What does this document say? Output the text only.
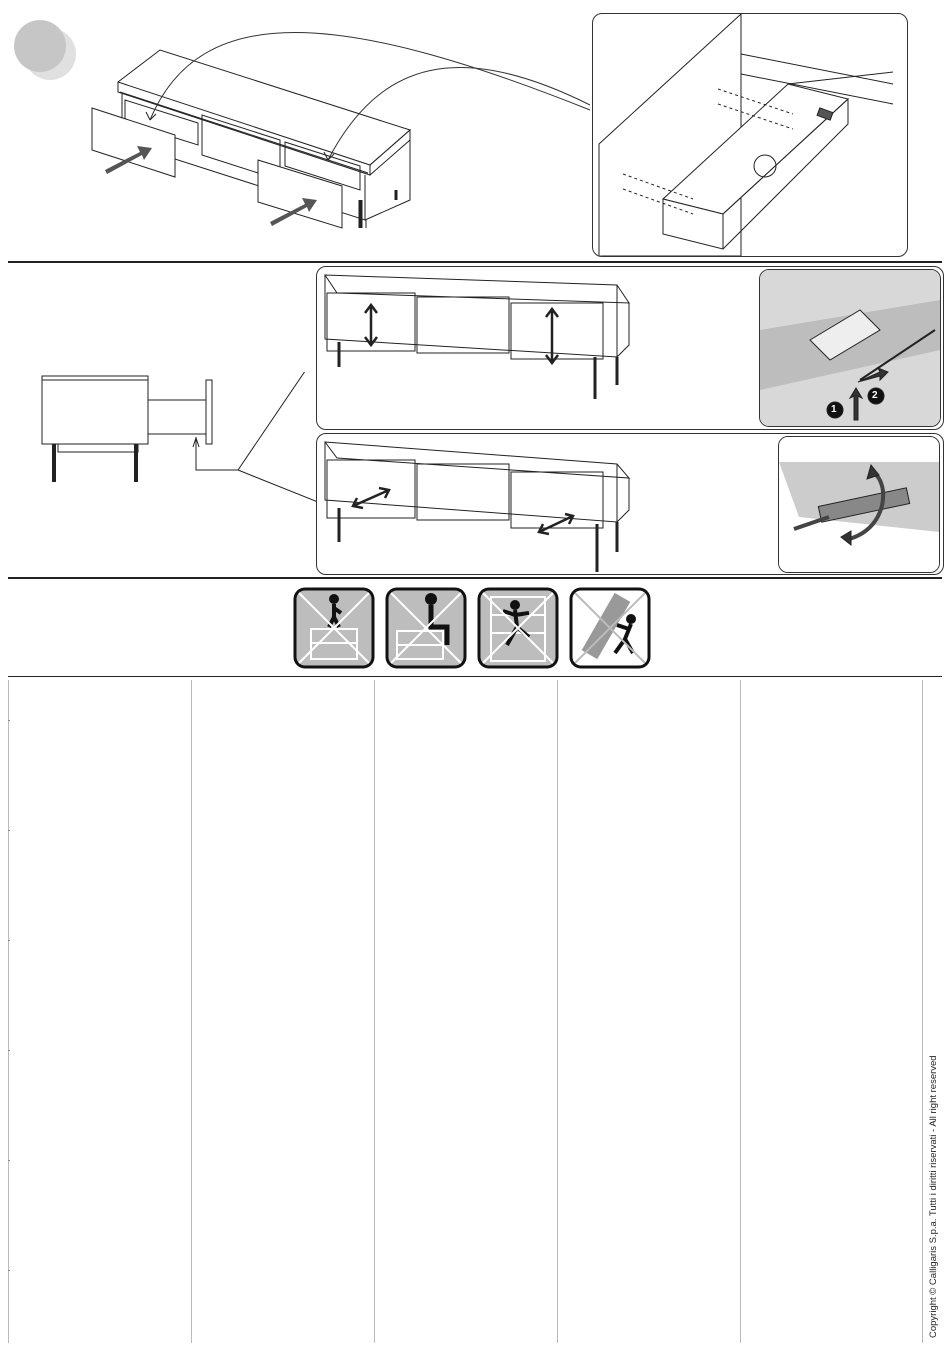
1
2
Copyright © Calligaris S.p.a. Tutti i diritti riservati - All right reserved
